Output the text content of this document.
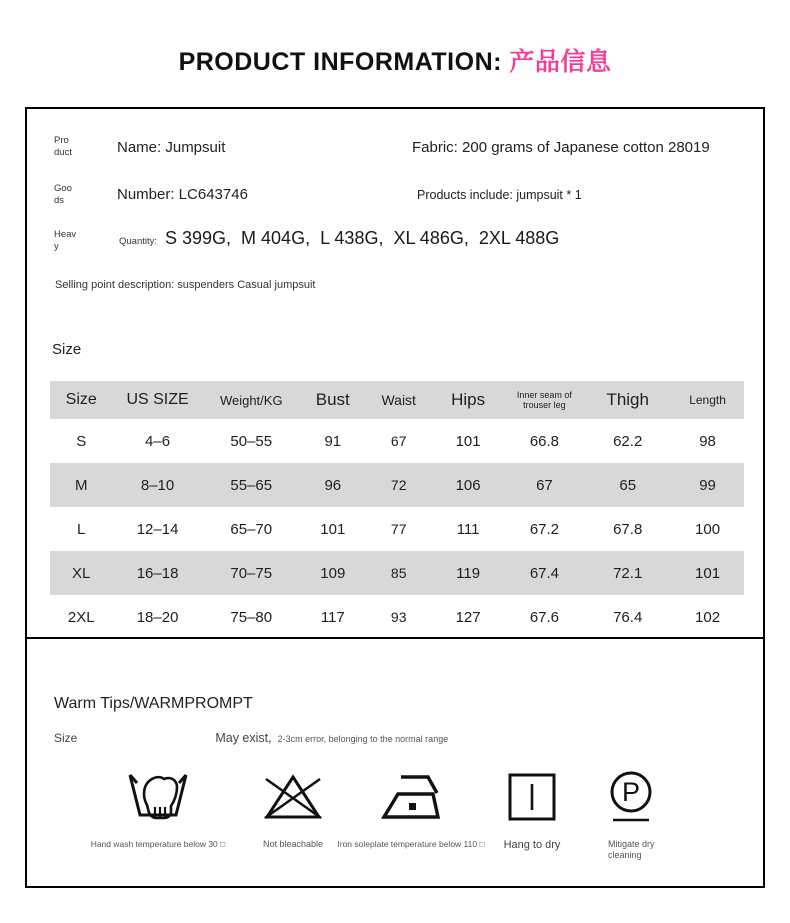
PRODUCT INFORMATION: 产品信息
Pro
duct	Name: Jumpsuit	Fabric: 200 grams of Japanese cotton 28019
Goo
ds	Number: LC643746	Products include: jumpsuit * 1
Heav
y	Quantity: S 399G,  M 404G,  L 438G,  XL 486G,  2XL 488G
Selling point description: suspenders Casual jumpsuit
Size
Size	US SIZE	Weight/KG	Bust	Waist	Hips	Inner seam of trouser leg	Thigh	Length
S	4–6	50–55	91	67	101	66.8	62.2	98
M	8–10	55–65	96	72	106	67	65	99
L	12–14	65–70	101	77	111	67.2	67.8	100
XL	16–18	70–75	109	85	119	67.4	72.1	101
2XL	18–20	75–80	117	93	127	67.6	76.4	102
Warm Tips/WARMPROMPT
Size	May exist, 2-3cm error, belonging to the normal range
Hand wash temperature below 30 □	Not bleachable Iron soleplate temperature below 110 □ Hang to dry
P
Mitigate dry cleaning
